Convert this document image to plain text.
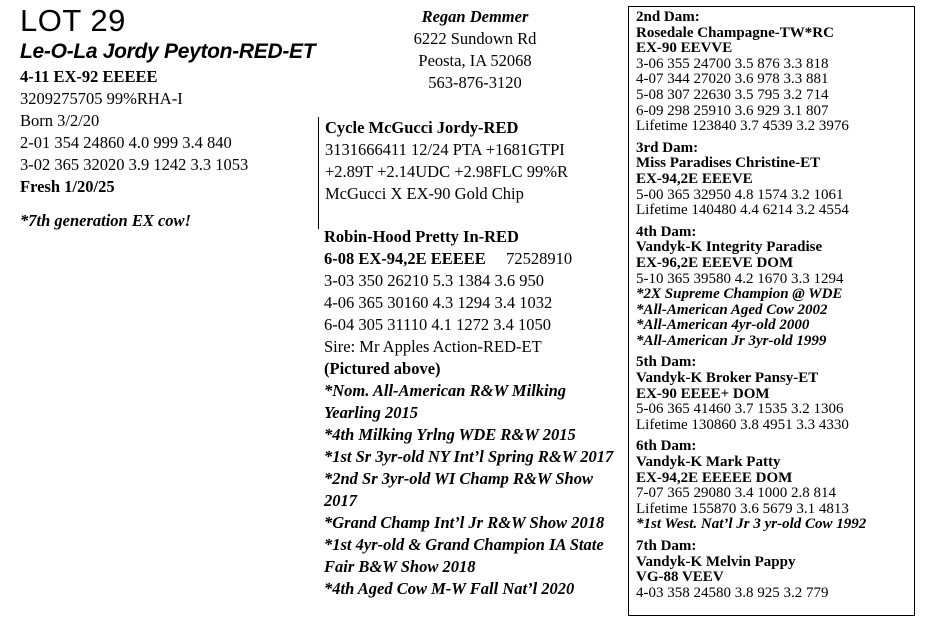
LOT 29
Le-O-La Jordy Peyton-RED-ET
4-11 EX-92 EEEEE
3209275705 99%RHA-I
Born 3/2/20
2-01 354 24860 4.0 999 3.4 840
3-02 365 32020 3.9 1242 3.3 1053
Fresh 1/20/25
*7th generation EX cow!
Regan Demmer
6222 Sundown Rd
Peosta, IA 52068
563-876-3120
Cycle McGucci Jordy-RED
3131666411 12/24 PTA +1681GTPI
+2.89T +2.14UDC +2.98FLC 99%R
McGucci X EX-90 Gold Chip
Robin-Hood Pretty In-RED
6-08 EX-94,2E EEEEE 72528910
3-03 350 26210 5.3 1384 3.6 950
4-06 365 30160 4.3 1294 3.4 1032
6-04 305 31110 4.1 1272 3.4 1050
Sire: Mr Apples Action-RED-ET
(Pictured above)
*Nom. All-American R&W Milking Yearling 2015
*4th Milking Yrlng WDE R&W 2015
*1st Sr 3yr-old NY Int’l Spring R&W 2017
*2nd Sr 3yr-old WI Champ R&W Show 2017
*Grand Champ Int’l Jr R&W Show 2018
*1st 4yr-old & Grand Champion IA State Fair B&W Show 2018
*4th Aged Cow M-W Fall Nat’l 2020
2nd Dam:
Rosedale Champagne-TW*RC
EX-90 EEVVE
3-06 355 24700 3.5 876 3.3 818
4-07 344 27020 3.6 978 3.3 881
5-08 307 22630 3.5 795 3.2 714
6-09 298 25910 3.6 929 3.1 807
Lifetime 123840 3.7 4539 3.2 3976
3rd Dam:
Miss Paradises Christine-ET
EX-94,2E EEEVE
5-00 365 32950 4.8 1574 3.2 1061
Lifetime 140480 4.4 6214 3.2 4554
4th Dam:
Vandyk-K Integrity Paradise
EX-96,2E EEEVE DOM
5-10 365 39580 4.2 1670 3.3 1294
*2X Supreme Champion @ WDE
*All-American Aged Cow 2002
*All-American 4yr-old 2000
*All-American Jr 3yr-old 1999
5th Dam:
Vandyk-K Broker Pansy-ET
EX-90 EEEE+ DOM
5-06 365 41460 3.7 1535 3.2 1306
Lifetime 130860 3.8 4951 3.3 4330
6th Dam:
Vandyk-K Mark Patty
EX-94,2E EEEEE DOM
7-07 365 29080 3.4 1000 2.8 814
Lifetime 155870 3.6 5679 3.1 4813
*1st West. Nat’l Jr 3 yr-old Cow 1992
7th Dam:
Vandyk-K Melvin Pappy
VG-88 VEEV
4-03 358 24580 3.8 925 3.2 779
